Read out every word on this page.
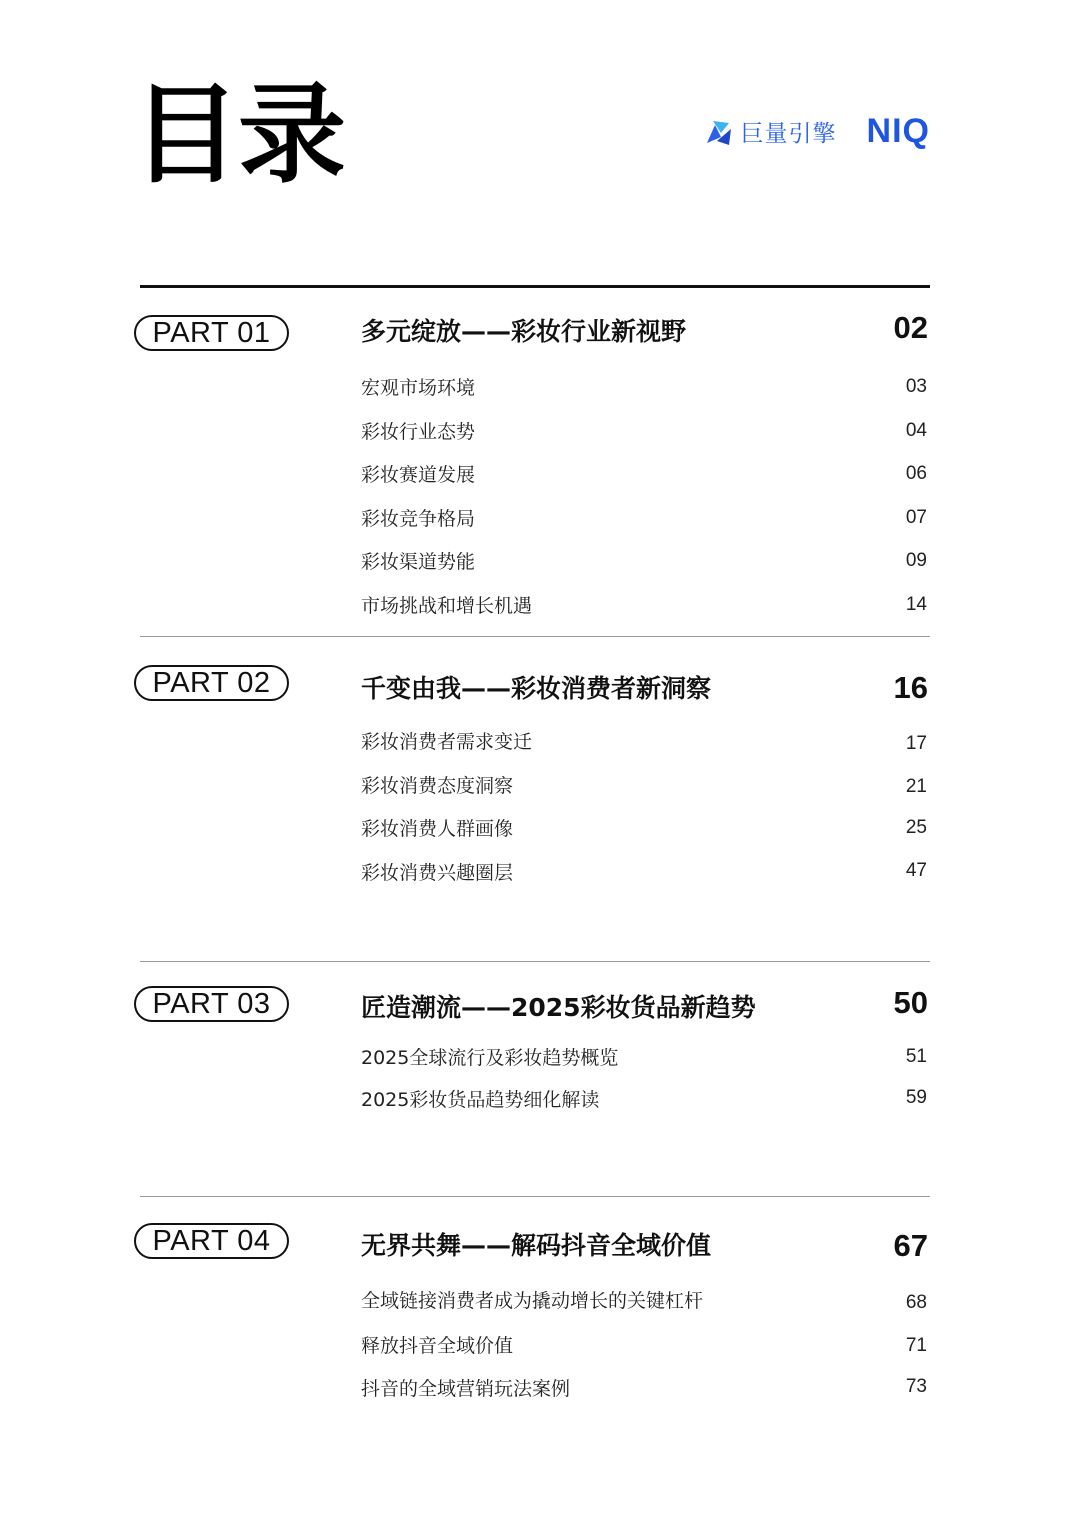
目录	巨量引擎 NIQ
PART 01	多元绽放——彩妆行业新视野	02
宏观市场环境	03
彩妆行业态势	04
彩妆赛道发展	06
彩妆竞争格局	07
彩妆渠道势能	09
市场挑战和增长机遇	14
PART 02	千变由我——彩妆消费者新洞察	16
彩妆消费者需求变迁	17
彩妆消费态度洞察	21
彩妆消费人群画像	25
彩妆消费兴趣圈层	47
PART 03	匠造潮流——2025彩妆货品新趋势	50
2025全球流行及彩妆趋势概览	51
2025彩妆货品趋势细化解读	59
PART 04	无界共舞——解码抖音全域价值	67
全域链接消费者成为撬动增长的关键杠杆	68
释放抖音全域价值	71
抖音的全域营销玩法案例	73
